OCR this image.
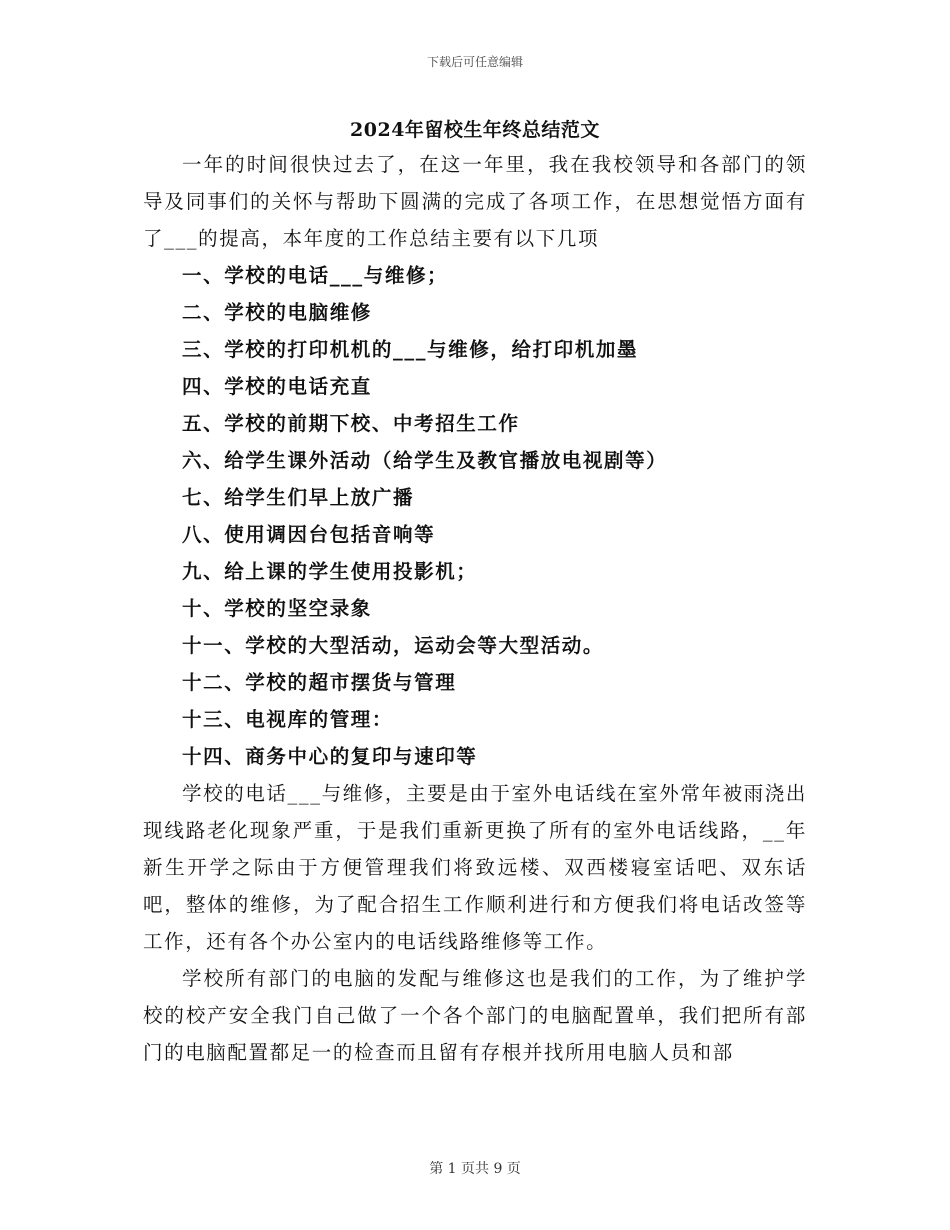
下载后可任意编辑
2024年留校生年终总结范文

一年的时间很快过去了，在这一年里，我在我校领导和各部门的领导及同事们的关怀与帮助下圆满的完成了各项工作，在思想觉悟方面有了___的提高，本年度的工作总结主要有以下几项

一、学校的电话___与维修；
二、学校的电脑维修
三、学校的打印机机的___与维修，给打印机加墨
四、学校的电话充直
五、学校的前期下校、中考招生工作
六、给学生课外活动（给学生及教官播放电视剧等）
七、给学生们早上放广播
八、使用调因台包括音响等
九、给上课的学生使用投影机；
十、学校的坚空录象
十一、学校的大型活动，运动会等大型活动。
十二、学校的超市摆货与管理
十三、电视库的管理：
十四、商务中心的复印与速印等

学校的电话___与维修，主要是由于室外电话线在室外常年被雨浇出现线路老化现象严重，于是我们重新更换了所有的室外电话线路，__年新生开学之际由于方便管理我们将致远楼、双西楼寝室话吧、双东话吧，整体的维修，为了配合招生工作顺利进行和方便我们将电话改签等工作，还有各个办公室内的电话线路维修等工作。

学校所有部门的电脑的发配与维修这也是我们的工作，为了维护学校的校产安全我门自己做了一个各个部门的电脑配置单，我们把所有部门的电脑配置都足一的检查而且留有存根并找所用电脑人员和部

第 1 页共 9 页
